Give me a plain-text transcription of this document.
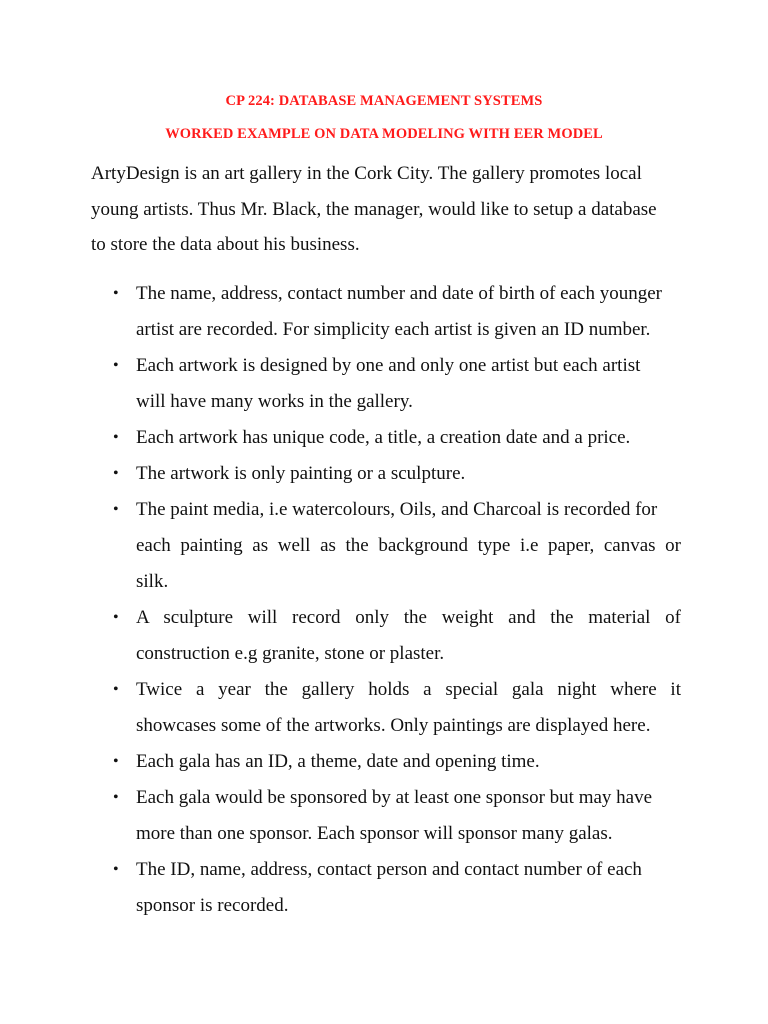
CP 224: DATABASE MANAGEMENT SYSTEMS
WORKED EXAMPLE ON DATA MODELING WITH EER MODEL
ArtyDesign is an art gallery in the Cork City. The gallery promotes local
young artists. Thus Mr. Black, the manager, would like to setup a database
to store the data about his business.
• The name, address, contact number and date of birth of each younger
artist are recorded. For simplicity each artist is given an ID number.
• Each artwork is designed by one and only one artist but each artist
will have many works in the gallery.
• Each artwork has unique code, a title, a creation date and a price.
• The artwork is only painting or a sculpture.
• The paint media, i.e watercolours, Oils, and Charcoal is recorded for
each painting as well as the background type i.e paper, canvas or
silk.
• A sculpture will record only the weight and the material of
construction e.g granite, stone or plaster.
• Twice a year the gallery holds a special gala night where it
showcases some of the artworks. Only paintings are displayed here.
• Each gala has an ID, a theme, date and opening time.
• Each gala would be sponsored by at least one sponsor but may have
more than one sponsor. Each sponsor will sponsor many galas.
• The ID, name, address, contact person and contact number of each
sponsor is recorded.
